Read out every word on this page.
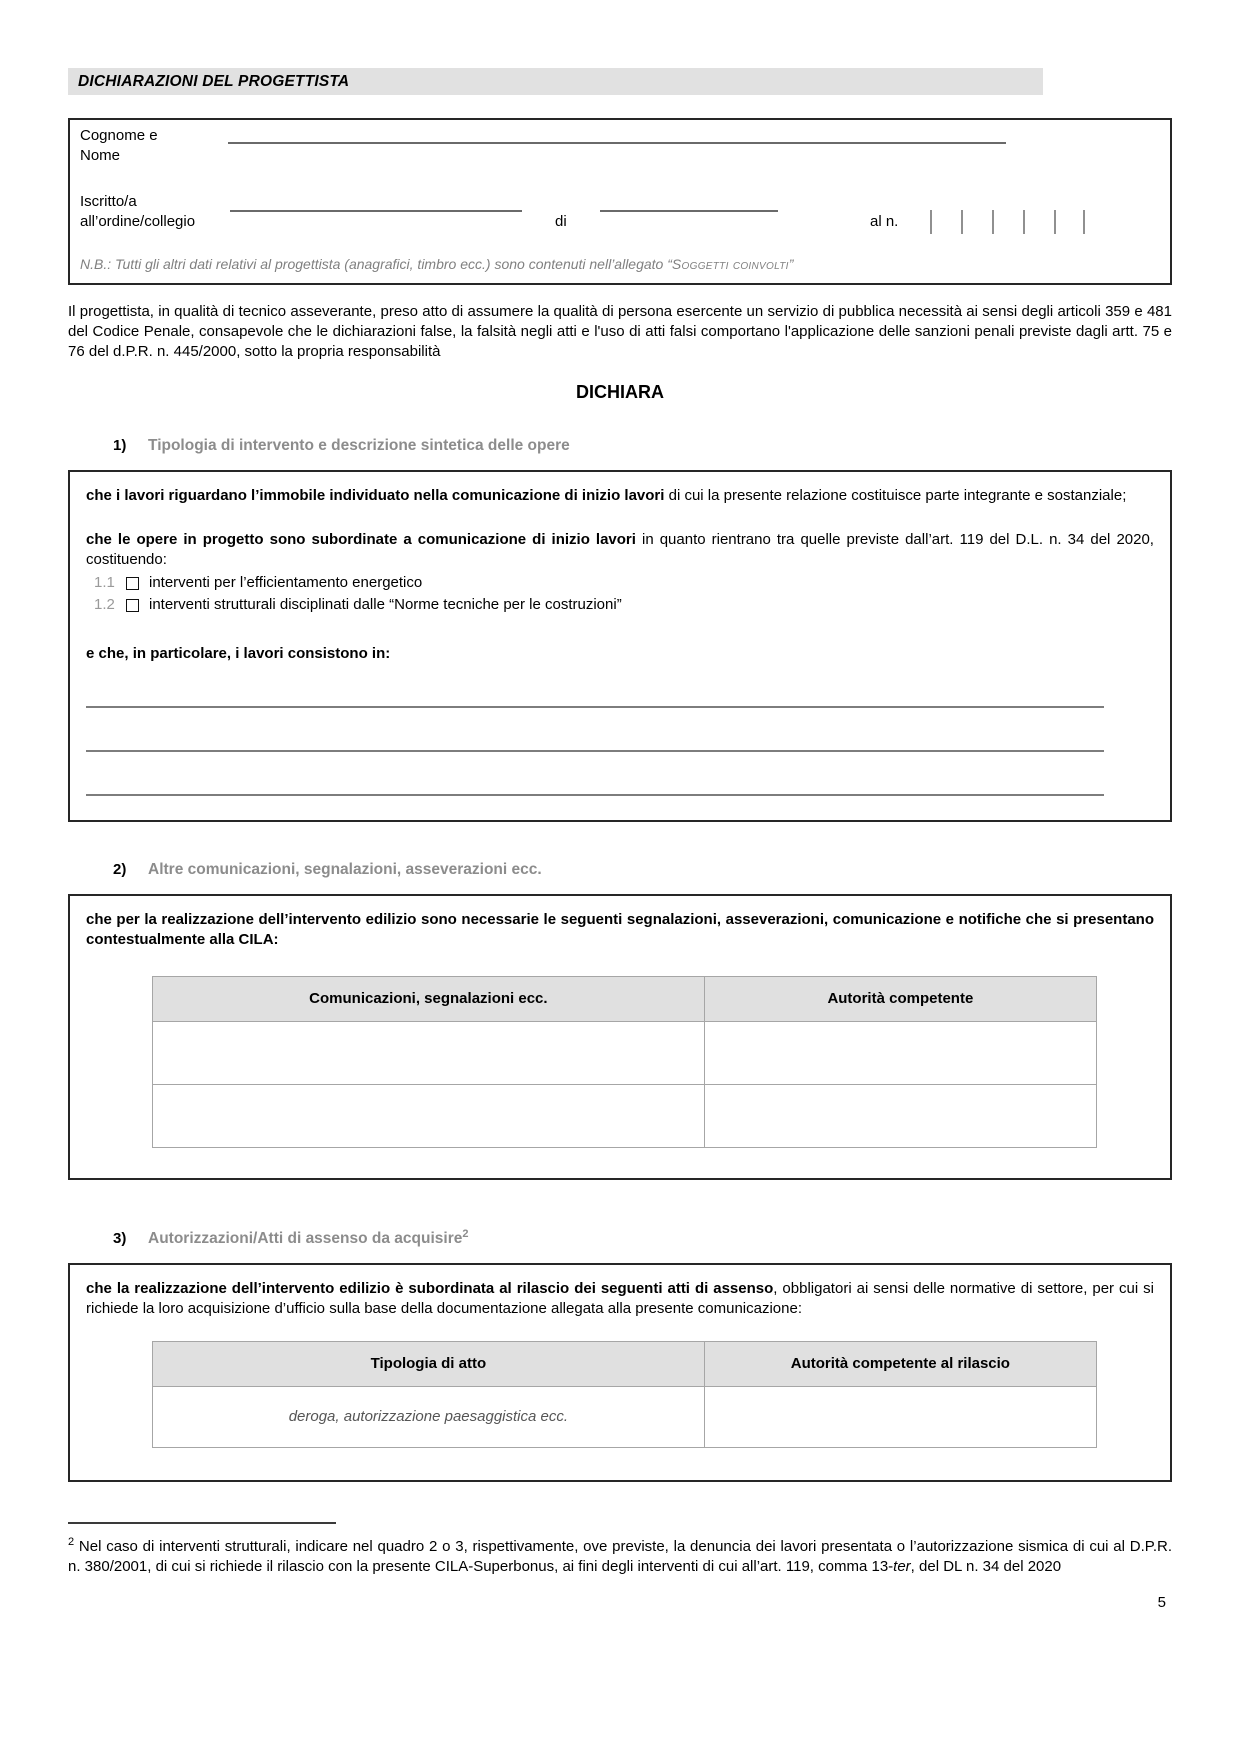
DICHIARAZIONI DEL PROGETTISTA
Cognome e
Nome
Iscritto/a
all’ordine/collegio	di	al n.
N.B.: Tutti gli altri dati relativi al progettista (anagrafici, timbro ecc.) sono contenuti nell’allegato “Soggetti coinvolti”

Il progettista, in qualità di tecnico asseverante, preso atto di assumere la qualità di persona esercente un servizio di pubblica necessità ai sensi degli articoli 359 e 481 del Codice Penale, consapevole che le dichiarazioni false, la falsità negli atti e l'uso di atti falsi comportano l'applicazione delle sanzioni penali previste dagli artt. 75 e 76 del d.P.R. n. 445/2000, sotto la propria responsabilità

DICHIARA
1)	Tipologia di intervento e descrizione sintetica delle opere

che i lavori riguardano l’immobile individuato nella comunicazione di inizio lavori di cui la presente relazione costituisce parte integrante e sostanziale;

che le opere in progetto sono subordinate a comunicazione di inizio lavori in quanto rientrano tra quelle previste dall’art. 119 del D.L. n. 34 del 2020, costituendo:

1.1	interventi per l’efficientamento energetico
1.2	interventi strutturali disciplinati dalle “Norme tecniche per le costruzioni”

e che, in particolare, i lavori consistono in:

2)	Altre comunicazioni, segnalazioni, asseverazioni ecc.

che per la realizzazione dell’intervento edilizio sono necessarie le seguenti segnalazioni, asseverazioni, comunicazione e notifiche che si presentano contestualmente alla CILA:

Comunicazioni, segnalazioni ecc.	Autorità competente

3)	Autorizzazioni/Atti di assenso da acquisire$^2$

che la realizzazione dell’intervento edilizio è subordinata al rilascio dei seguenti atti di assenso, obbligatori ai sensi delle normative di settore, per cui si richiede la loro acquisizione d’ufficio sulla base della documentazione allegata alla presente comunicazione:

Tipologia di atto	Autorità competente al rilascio
deroga, autorizzazione paesaggistica ecc.	

$^2$ Nel caso di interventi strutturali, indicare nel quadro 2 o 3, rispettivamente, ove previste, la denuncia dei lavori presentata o l’autorizzazione sismica di cui al D.P.R. n. 380/2001, di cui si richiede il rilascio con la presente CILA-Superbonus, ai fini degli interventi di cui all’art. 119, comma 13-ter, del DL n. 34 del 2020

5
